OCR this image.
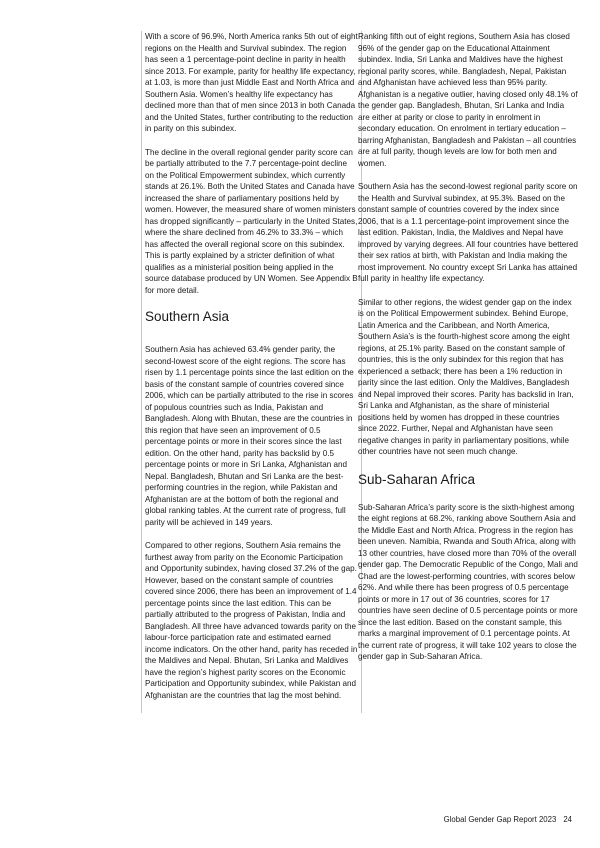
With a score of 96.9%, North America ranks 5th out of eight regions on the Health and Survival subindex. The region has seen a 1 percentage-point decline in parity in health since 2013. For example, parity for healthy life expectancy, at 1.03, is more than just Middle East and North Africa and Southern Asia. Women’s healthy life expectancy has declined more than that of men since 2013 in both Canada and the United States, further contributing to the reduction in parity on this subindex.

The decline in the overall regional gender parity score can be partially attributed to the 7.7 percentage-point decline on the Political Empowerment subindex, which currently stands at 26.1%. Both the United States and Canada have increased the share of parliamentary positions held by women. However, the measured share of women ministers has dropped significantly – particularly in the United States, where the share declined from 46.2% to 33.3% – which has affected the overall regional score on this subindex. This is partly explained by a stricter definition of what qualifies as a ministerial position being applied in the source database produced by UN Women. See Appendix B for more detail.

Southern Asia

Southern Asia has achieved 63.4% gender parity, the second-lowest score of the eight regions. The score has risen by 1.1 percentage points since the last edition on the basis of the constant sample of countries covered since 2006, which can be partially attributed to the rise in scores of populous countries such as India, Pakistan and Bangladesh. Along with Bhutan, these are the countries in this region that have seen an improvement of 0.5 percentage points or more in their scores since the last edition. On the other hand, parity has backslid by 0.5 percentage points or more in Sri Lanka, Afghanistan and Nepal. Bangladesh, Bhutan and Sri Lanka are the best-performing countries in the region, while Pakistan and Afghanistan are at the bottom of both the regional and global ranking tables. At the current rate of progress, full parity will be achieved in 149 years.

Compared to other regions, Southern Asia remains the furthest away from parity on the Economic Participation and Opportunity subindex, having closed 37.2% of the gap. However, based on the constant sample of countries covered since 2006, there has been an improvement of 1.4 percentage points since the last edition. This can be partially attributed to the progress of Pakistan, India and Bangladesh. All three have advanced towards parity on the labour-force participation rate and estimated earned income indicators. On the other hand, parity has receded in the Maldives and Nepal. Bhutan, Sri Lanka and Maldives have the region’s highest parity scores on the Economic Participation and Opportunity subindex, while Pakistan and Afghanistan are the countries that lag the most behind.

Ranking fifth out of eight regions, Southern Asia has closed 96% of the gender gap on the Educational Attainment subindex. India, Sri Lanka and Maldives have the highest regional parity scores, while. Bangladesh, Nepal, Pakistan and Afghanistan have achieved less than 95% parity. Afghanistan is a negative outlier, having closed only 48.1% of the gender gap. Bangladesh, Bhutan, Sri Lanka and India are either at parity or close to parity in enrolment in secondary education. On enrolment in tertiary education – barring Afghanistan, Bangladesh and Pakistan – all countries are at full parity, though levels are low for both men and women.

Southern Asia has the second-lowest regional parity score on the Health and Survival subindex, at 95.3%. Based on the constant sample of countries covered by the index since 2006, that is a 1.1 percentage-point improvement since the last edition. Pakistan, India, the Maldives and Nepal have improved by varying degrees. All four countries have bettered their sex ratios at birth, with Pakistan and India making the most improvement. No country except Sri Lanka has attained full parity in healthy life expectancy.

Similar to other regions, the widest gender gap on the index is on the Political Empowerment subindex. Behind Europe, Latin America and the Caribbean, and North America, Southern Asia’s is the fourth-highest score among the eight regions, at 25.1% parity. Based on the constant sample of countries, this is the only subindex for this region that has experienced a setback; there has been a 1% reduction in parity since the last edition. Only the Maldives, Bangladesh and Nepal improved their scores. Parity has backslid in Iran, Sri Lanka and Afghanistan, as the share of ministerial positions held by women has dropped in these countries since 2022. Further, Nepal and Afghanistan have seen negative changes in parity in parliamentary positions, while other countries have not seen much change.

Sub-Saharan Africa

Sub-Saharan Africa’s parity score is the sixth-highest among the eight regions at 68.2%, ranking above Southern Asia and the Middle East and North Africa. Progress in the region has been uneven. Namibia, Rwanda and South Africa, along with 13 other countries, have closed more than 70% of the overall gender gap. The Democratic Republic of the Congo, Mali and Chad are the lowest-performing countries, with scores below 62%. And while there has been progress of 0.5 percentage points or more in 17 out of 36 countries, scores for 17 countries have seen decline of 0.5 percentage points or more since the last edition. Based on the constant sample, this marks a marginal improvement of 0.1 percentage points. At the current rate of progress, it will take 102 years to close the gender gap in Sub-Saharan Africa.

Global Gender Gap Report 2023 24
